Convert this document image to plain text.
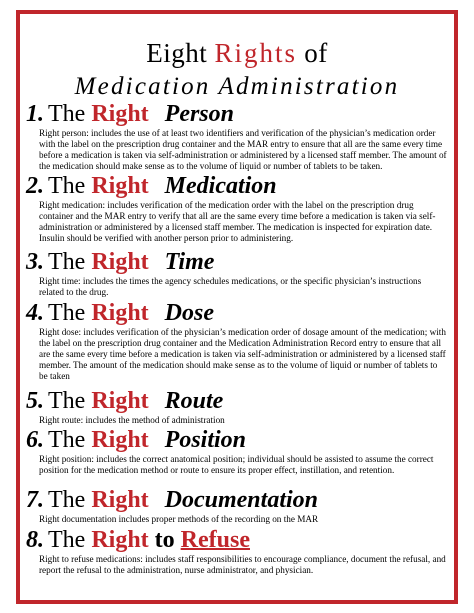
Eight Rights of
Medication Administration
1. The Right Person
Right person: includes the use of at least two identifiers and verification of the physician’s medication order with the label on the prescription drug container and the MAR entry to ensure that all are the same every time before a medication is taken via self-administration or administered by a licensed staff member. The amount of the medication should make sense as to the volume of liquid or number of tablets to be taken.
2. The Right Medication
Right medication: includes verification of the medication order with the label on the prescription drug container and the MAR entry to verify that all are the same every time before a medication is taken via self-administration or administered by a licensed staff member. The medication is inspected for expiration date. Insulin should be verified with another person prior to administering.
3. The Right Time
Right time: includes the times the agency schedules medications, or the specific physician’s instructions related to the drug.
4. The Right Dose
Right dose: includes verification of the physician’s medication order of dosage amount of the medication; with the label on the prescription drug container and the Medication Administration Record entry to ensure that all are the same every time before a medication is taken via self-administration or administered by a licensed staff member. The amount of the medication should make sense as to the volume of liquid or number of tablets to be taken
5. The Right Route
Right route: includes the method of administration
6. The Right Position
Right position: includes the correct anatomical position; individual should be assisted to assume the correct position for the medication method or route to ensure its proper effect, instillation, and retention.
7. The Right Documentation
Right documentation includes proper methods of the recording on the MAR
8. The Right to Refuse
Right to refuse medications: includes staff responsibilities to encourage compliance, document the refusal, and report the refusal to the administration, nurse administrator, and physician.
